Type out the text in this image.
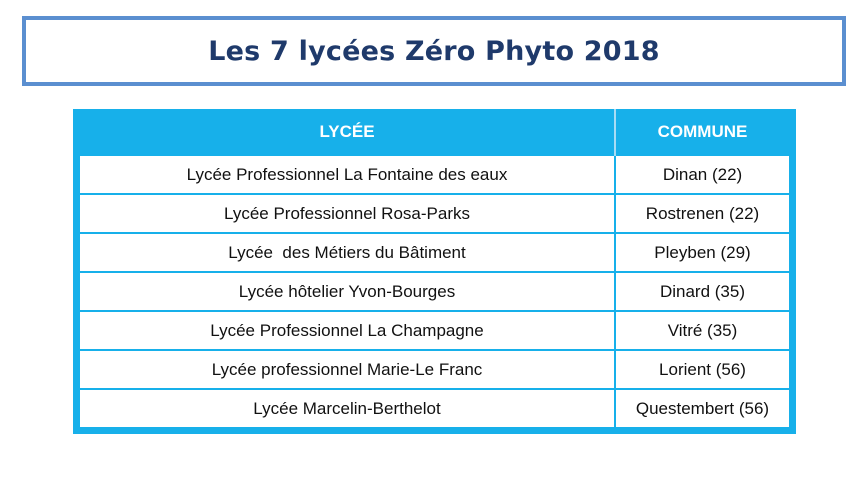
Les 7 lycées Zéro Phyto 2018
LYCÉE	COMMUNE
Lycée Professionnel La Fontaine des eaux	Dinan (22)
Lycée Professionnel Rosa-Parks	Rostrenen (22)
Lycée  des Métiers du Bâtiment	Pleyben (29)
Lycée hôtelier Yvon-Bourges	Dinard (35)
Lycée Professionnel La Champagne	Vitré (35)
Lycée professionnel Marie-Le Franc	Lorient (56)
Lycée Marcelin-Berthelot	Questembert (56)
